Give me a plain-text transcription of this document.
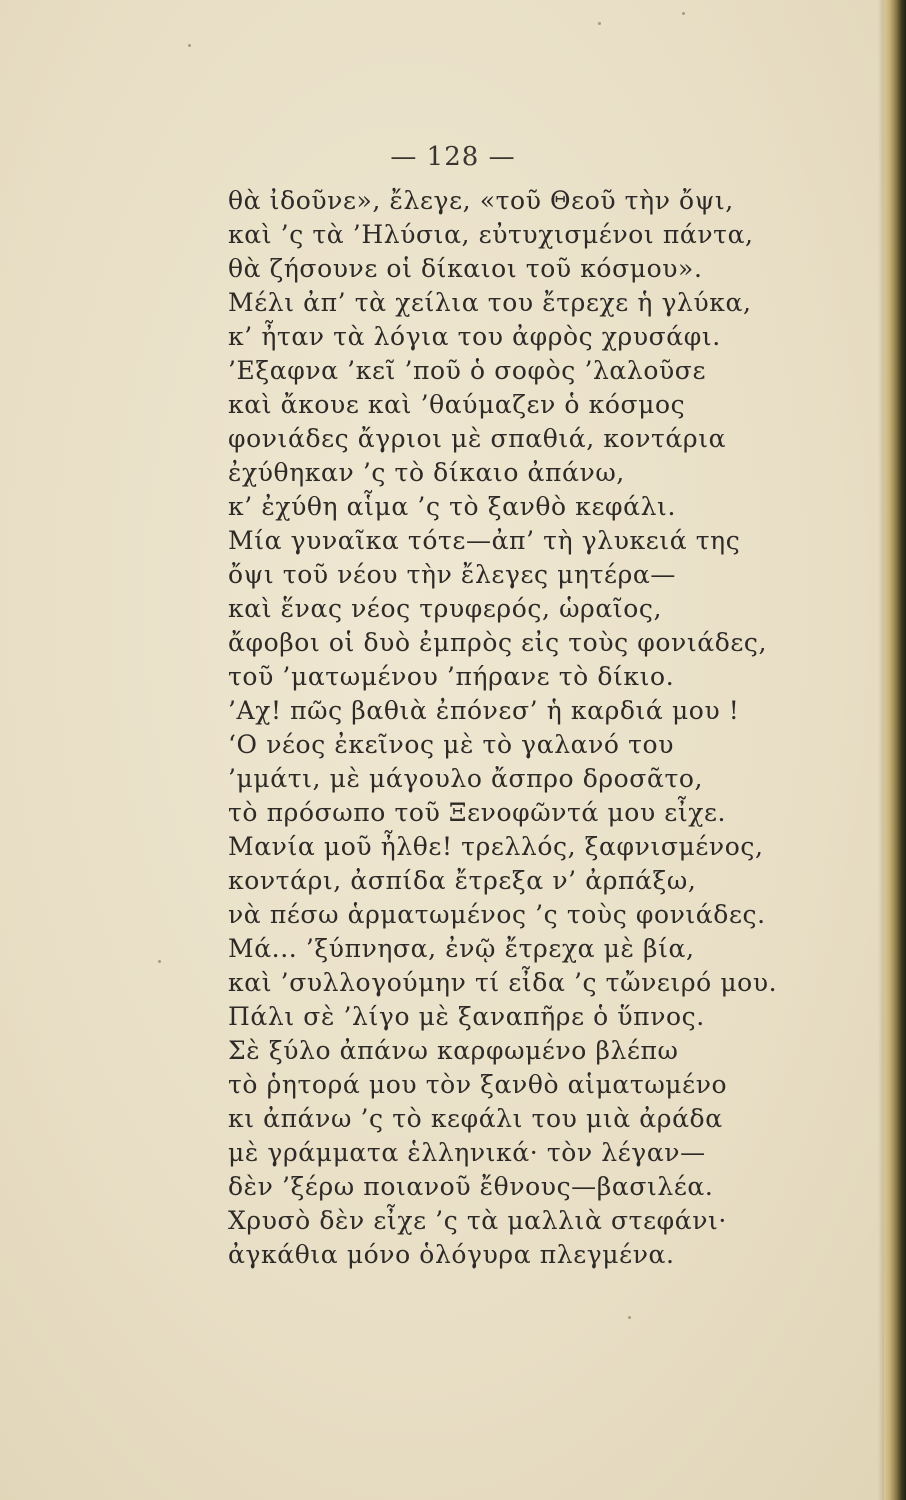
— 128 —
θὰ ἰδοῦνε», ἔλεγε, «τοῦ Θεοῦ τὴν ὄψι,
καὶ ’ς τὰ ’Ηλύσια, εὐτυχισμένοι πάντα,
θὰ ζήσουνε οἱ δίκαιοι τοῦ κόσμου».
Μέλι ἀπ’ τὰ χείλια του ἔτρεχε ἡ γλύκα,
κ’ ἦταν τὰ λόγια του ἀφρὸς χρυσάφι.
’Εξαφνα ’κεῖ ’ποῦ ὁ σοφὸς ’λαλοῦσε
καὶ ἄκουε καὶ ’θαύμαζεν ὁ κόσμος
φονιάδες ἄγριοι μὲ σπαθιά, κοντάρια
ἐχύθηκαν ’ς τὸ δίκαιο ἀπάνω,
κ’ ἐχύθη αἷμα ’ς τὸ ξανθὸ κεφάλι.
Μία γυναῖκα τότε—ἀπ’ τὴ γλυκειά της
ὄψι τοῦ νέου τὴν ἔλεγες μητέρα—
καὶ ἕνας νέος τρυφερός, ὡραῖος,
ἄφοβοι οἱ δυὸ ἐμπρὸς εἰς τοὺς φονιάδες,
τοῦ ’ματωμένου ’πήρανε τὸ δίκιο.
’Αχ! πῶς βαθιὰ ἐπόνεσ’ ἡ καρδιά μου !
‘Ο νέος ἐκεῖνος μὲ τὸ γαλανό του
’μμάτι, μὲ μάγουλο ἄσπρο δροσᾶτο,
τὸ πρόσωπο τοῦ Ξενοφῶντά μου εἶχε.
Μανία μοῦ ἦλθε! τρελλός, ξαφνισμένος,
κοντάρι, ἀσπίδα ἔτρεξα ν’ ἀρπάξω,
νὰ πέσω ἁρματωμένος ’ς τοὺς φονιάδες.
Μά... ’ξύπνησα, ἐνῷ ἔτρεχα μὲ βία,
καὶ ’συλλογούμην τί εἶδα ’ς τὤνειρό μου.
Πάλι σὲ ’λίγο μὲ ξαναπῆρε ὁ ὕπνος.
Σὲ ξύλο ἀπάνω καρφωμένο βλέπω
τὸ ῥητορά μου τὸν ξανθὸ αἱματωμένο
κι ἀπάνω ’ς τὸ κεφάλι του μιὰ ἀράδα
μὲ γράμματα ἑλληνικά· τὸν λέγαν—
δὲν ’ξέρω ποιανοῦ ἔθνους—βασιλέα.
Χρυσὸ δὲν εἶχε ’ς τὰ μαλλιὰ στεφάνι·
ἀγκάθια μόνο ὁλόγυρα πλεγμένα.
